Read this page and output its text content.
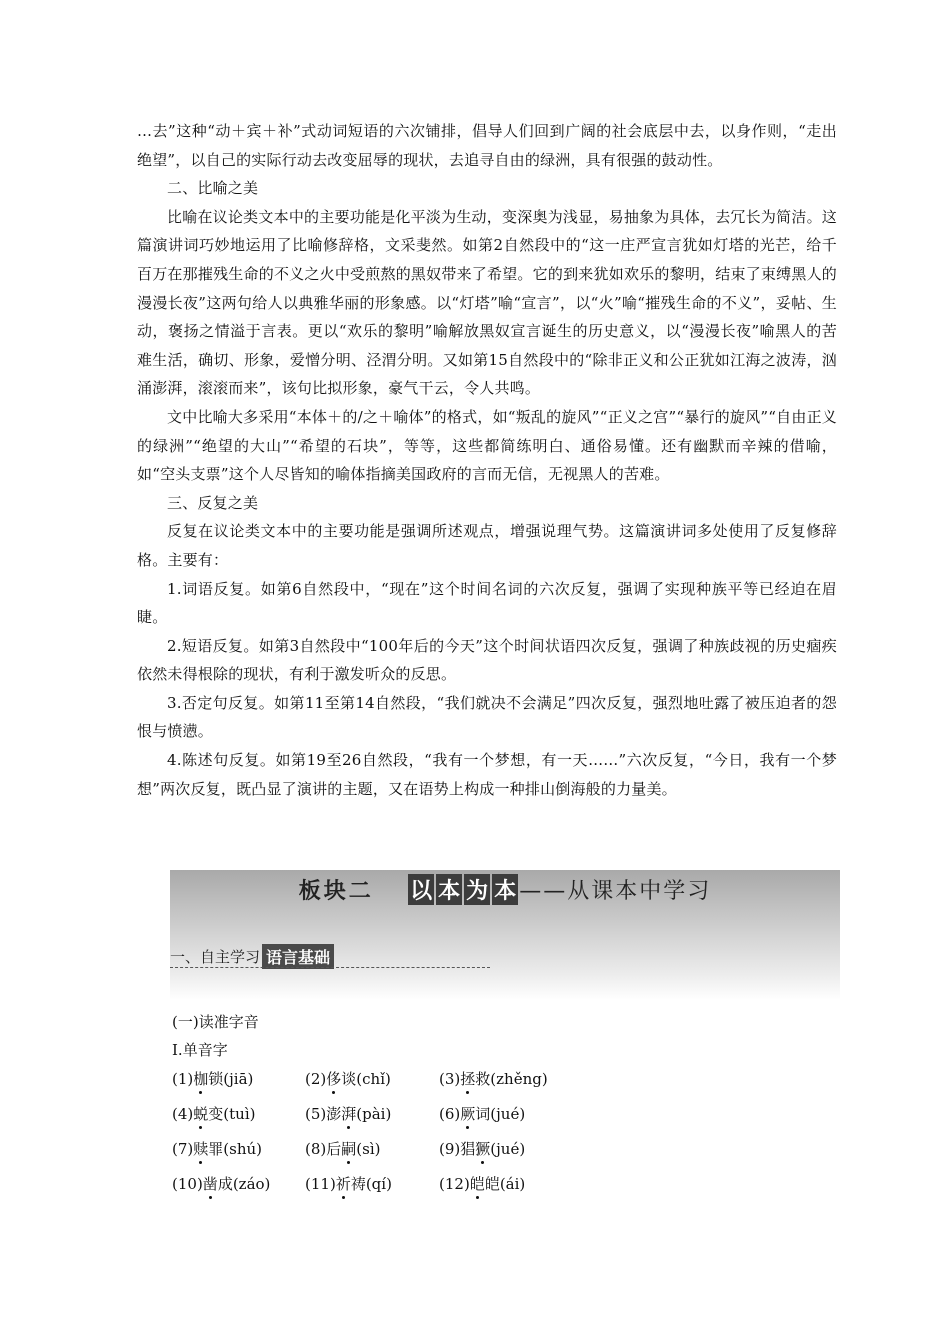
…去”这种“动＋宾＋补”式动词短语的六次铺排，倡导人们回到广阔的社会底层中去，以身作则，“走出绝望”，以自己的实际行动去改变屈辱的现状，去追寻自由的绿洲，具有很强的鼓动性。

二、比喻之美

比喻在议论类文本中的主要功能是化平淡为生动，变深奥为浅显，易抽象为具体，去冗长为简洁。这篇演讲词巧妙地运用了比喻修辞格，文采斐然。如第2自然段中的“这一庄严宣言犹如灯塔的光芒，给千百万在那摧残生命的不义之火中受煎熬的黑奴带来了希望。它的到来犹如欢乐的黎明，结束了束缚黑人的漫漫长夜”这两句给人以典雅华丽的形象感。以“灯塔”喻“宣言”，以“火”喻“摧残生命的不义”，妥帖、生动，褒扬之情溢于言表。更以“欢乐的黎明”喻解放黑奴宣言诞生的历史意义，以“漫漫长夜”喻黑人的苦难生活，确切、形象，爱憎分明、泾渭分明。又如第15自然段中的“除非正义和公正犹如江海之波涛，汹涌澎湃，滚滚而来”，该句比拟形象，豪气干云，令人共鸣。

文中比喻大多采用“本体＋的/之＋喻体”的格式，如“叛乱的旋风”“正义之宫”“暴行的旋风”“自由正义的绿洲”“绝望的大山”“希望的石块”，等等，这些都简练明白、通俗易懂。还有幽默而辛辣的借喻，如“空头支票”这个人尽皆知的喻体指摘美国政府的言而无信，无视黑人的苦难。

三、反复之美

反复在议论类文本中的主要功能是强调所述观点，增强说理气势。这篇演讲词多处使用了反复修辞格。主要有：

1.词语反复。如第6自然段中，“现在”这个时间名词的六次反复，强调了实现种族平等已经迫在眉睫。

2.短语反复。如第3自然段中“100年后的今天”这个时间状语四次反复，强调了种族歧视的历史痼疾依然未得根除的现状，有利于激发听众的反思。

3.否定句反复。如第11至第14自然段，“我们就决不会满足”四次反复，强烈地吐露了被压迫者的怨恨与愤懑。

4.陈述句反复。如第19至26自然段，“我有一个梦想，有一天……”六次反复，“今日，我有一个梦想”两次反复，既凸显了演讲的主题，又在语势上构成一种排山倒海般的力量美。

板块二 以 本 为 本 ——从课本中学习
一、自主学习 语言基础
(一)读准字音
Ⅰ.单音字
(1)枷锁(jiā)	(2)侈谈(chǐ)	(3)拯救(zhěng)
(4)蜕变(tuì)	(5)澎湃(pài)	(6)厥词(jué)
(7)赎罪(shú)	(8)后嗣(sì)	(9)猖獗(jué)
(10)凿成(záo) (11)祈祷(qí)	(12)皑皑(ái)
